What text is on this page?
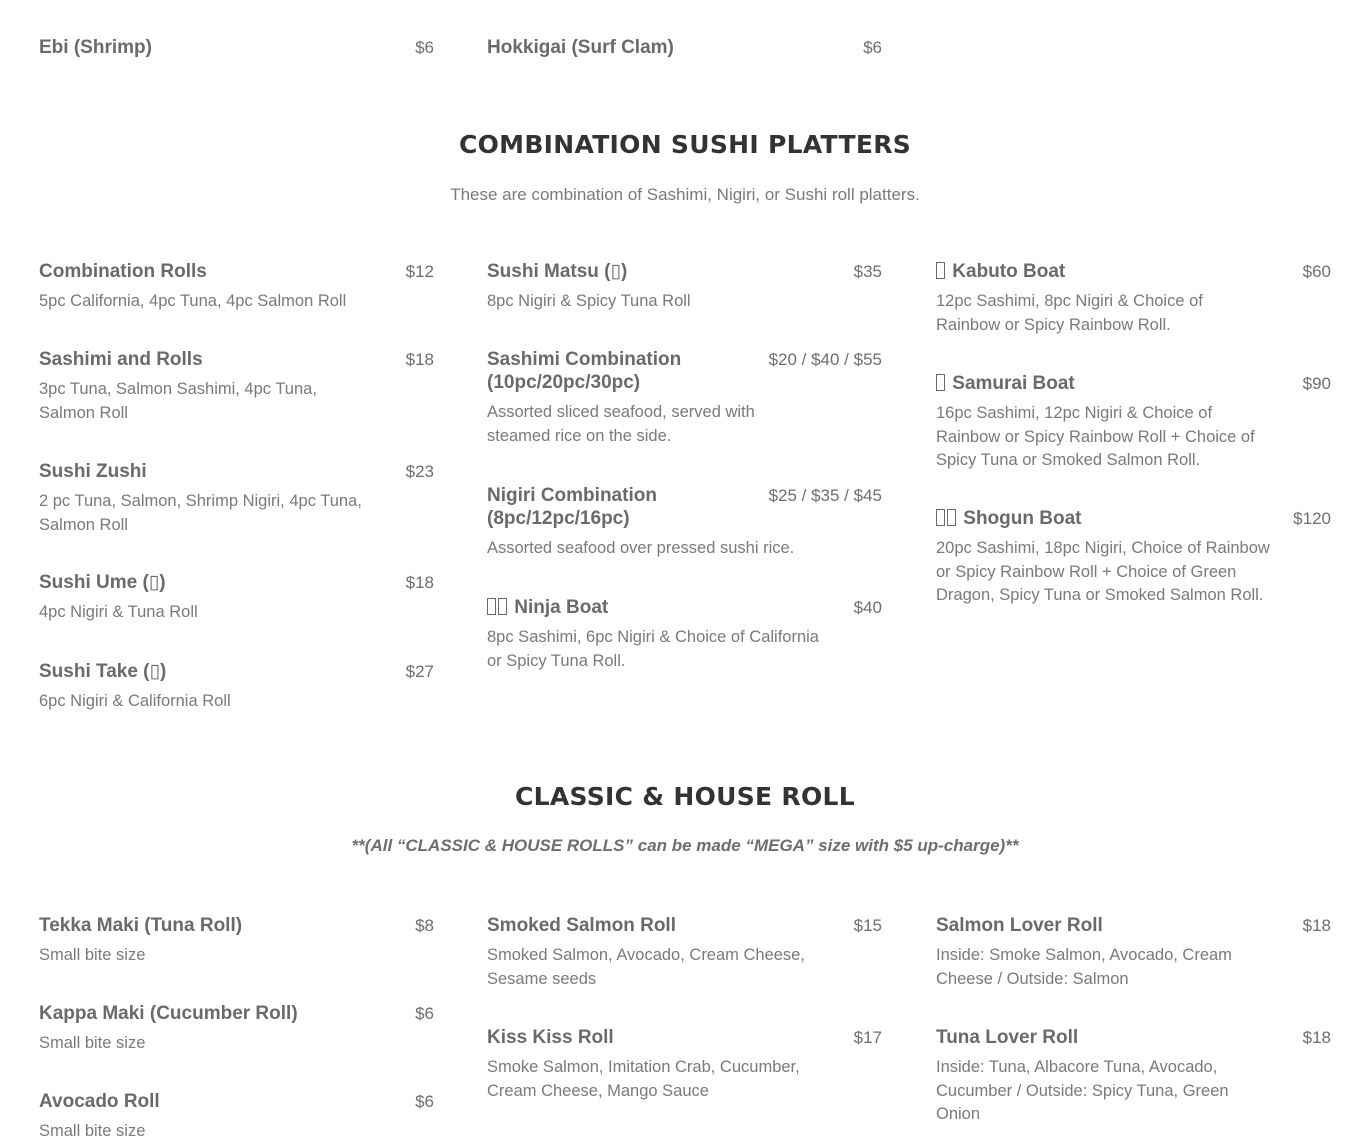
Ebi (Shrimp)	$6	Hokkigai (Surf Clam)	$6
COMBINATION SUSHI PLATTERS
These are combination of Sashimi, Nigiri, or Sushi roll platters.
Combination Rolls	$12
5pc California, 4pc Tuna, 4pc Salmon Roll
Sashimi and Rolls	$18
3pc Tuna, Salmon Sashimi, 4pc Tuna, Salmon Roll
Sushi Zushi	$23
2 pc Tuna, Salmon, Shrimp Nigiri, 4pc Tuna, Salmon Roll
Sushi Ume (▯)	$18
4pc Nigiri & Tuna Roll
Sushi Take (▯)	$27
6pc Nigiri & California Roll
Sushi Matsu (▯)	$35
8pc Nigiri & Spicy Tuna Roll
Sashimi Combination (10pc/20pc/30pc)
$20 / $40 / $55
Assorted sliced seafood, served with steamed rice on the side.
Nigiri Combination (8pc/12pc/16pc)
$25 / $35 / $45
Assorted seafood over pressed sushi rice.
Ninja Boat	$40
8pc Sashimi, 6pc Nigiri & Choice of California or Spicy Tuna Roll.
Kabuto Boat	$60
12pc Sashimi, 8pc Nigiri & Choice of Rainbow or Spicy Rainbow Roll.
Samurai Boat	$90
16pc Sashimi, 12pc Nigiri & Choice of Rainbow or Spicy Rainbow Roll + Choice of Spicy Tuna or Smoked Salmon Roll.
Shogun Boat	$120
20pc Sashimi, 18pc Nigiri, Choice of Rainbow or Spicy Rainbow Roll + Choice of Green Dragon, Spicy Tuna or Smoked Salmon Roll.
CLASSIC & HOUSE ROLL
**(All “CLASSIC & HOUSE ROLLS” can be made “MEGA” size with $5 up-charge)**
Tekka Maki (Tuna Roll)	$8
Small bite size
Kappa Maki (Cucumber Roll)	$6
Small bite size
Avocado Roll	$6
Small bite size
Smoked Salmon Roll	$15
Smoked Salmon, Avocado, Cream Cheese, Sesame seeds
Kiss Kiss Roll	$17
Smoke Salmon, Imitation Crab, Cucumber, Cream Cheese, Mango Sauce
Salmon Lover Roll	$18
Inside: Smoke Salmon, Avocado, Cream Cheese / Outside: Salmon
Tuna Lover Roll	$18
Inside: Tuna, Albacore Tuna, Avocado, Cucumber / Outside: Spicy Tuna, Green Onion
